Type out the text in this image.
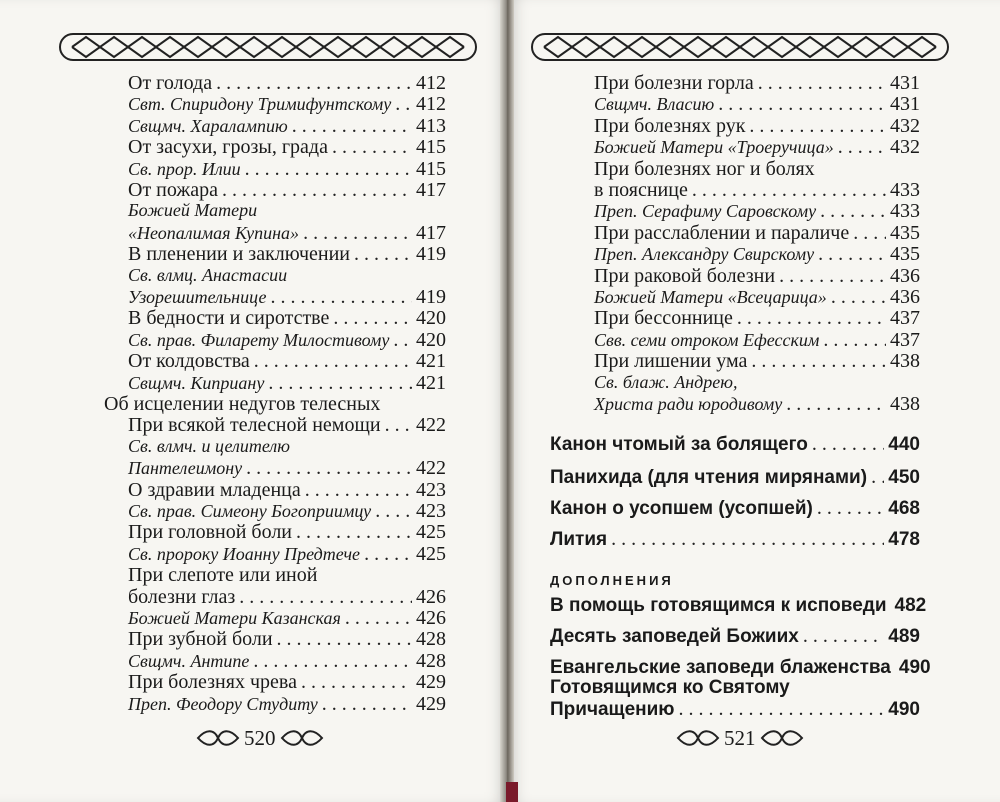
От голода . . .	412
Свт. Спиридону Тримифунтскому . . . 412
Свщмч. Харалампию . . .	413
От засухи, грозы, града . . .	415
Св. прор. Илии . . .	415
От пожара . . .	417
Божией Матери
«Неопалимая Купина» . . .	417
В пленении и заключении . . .	419
Св. влмц. Анастасии
Узорешительнице . . .	419
В бедности и сиротстве . . .	420
Св. прав. Филарету Милостивому . . . 420
От колдовства . . .	421
Свщмч. Киприану . . .	421
Об исцелении недугов телесных
При всякой телесной немощи . . . 422
Св. влмч. и целителю
Пантелеимону . . .	422
О здравии младенца . . .	423
Св. прав. Симеону Богоприимцу . . . 423
При головной боли . . .	425
Св. пророку Иоанну Предтече . . .	425
При слепоте или иной
болезни глаз . . .	426
Божией Матери Казанская . . .	426
При зубной боли . . .	428
Свщмч. Антипе . . .	428
При болезнях чрева . . .	429
Преп. Феодору Студиту . . .	429
520
При болезни горла . . .	431
Свщмч. Власию . . .	431
При болезнях рук . . .	432
Божией Матери «Троеручица» . . .	432
При болезнях ног и болях
в пояснице . . .	433
Преп. Серафиму Саровскому . . .	433
При расслаблении и параличе . . . 435
Преп. Александру Свирскому . . .	435
При раковой болезни . . .	436
Божией Матери «Всецарица» . . .	436
При бессоннице . . .	437
Свв. семи отроком Ефесским . . .	437
При лишении ума . . .	438
Св. блаж. Андрею,
Христа ради юродивому . . .	438
Канон чтомый за болящего . . .	440
Панихида (для чтения мирянами) . . . 450
Канон о усопшем (усопшей) . . .	468
Лития . . .	478
В помощь готовящимся к исповеди 482
Десять заповедей Божиих . . .	489
Евангельские заповеди блаженства 490
Готовящимся ко Святому
Причащению . . .	490
ДОПОЛНЕНИЯ
521
